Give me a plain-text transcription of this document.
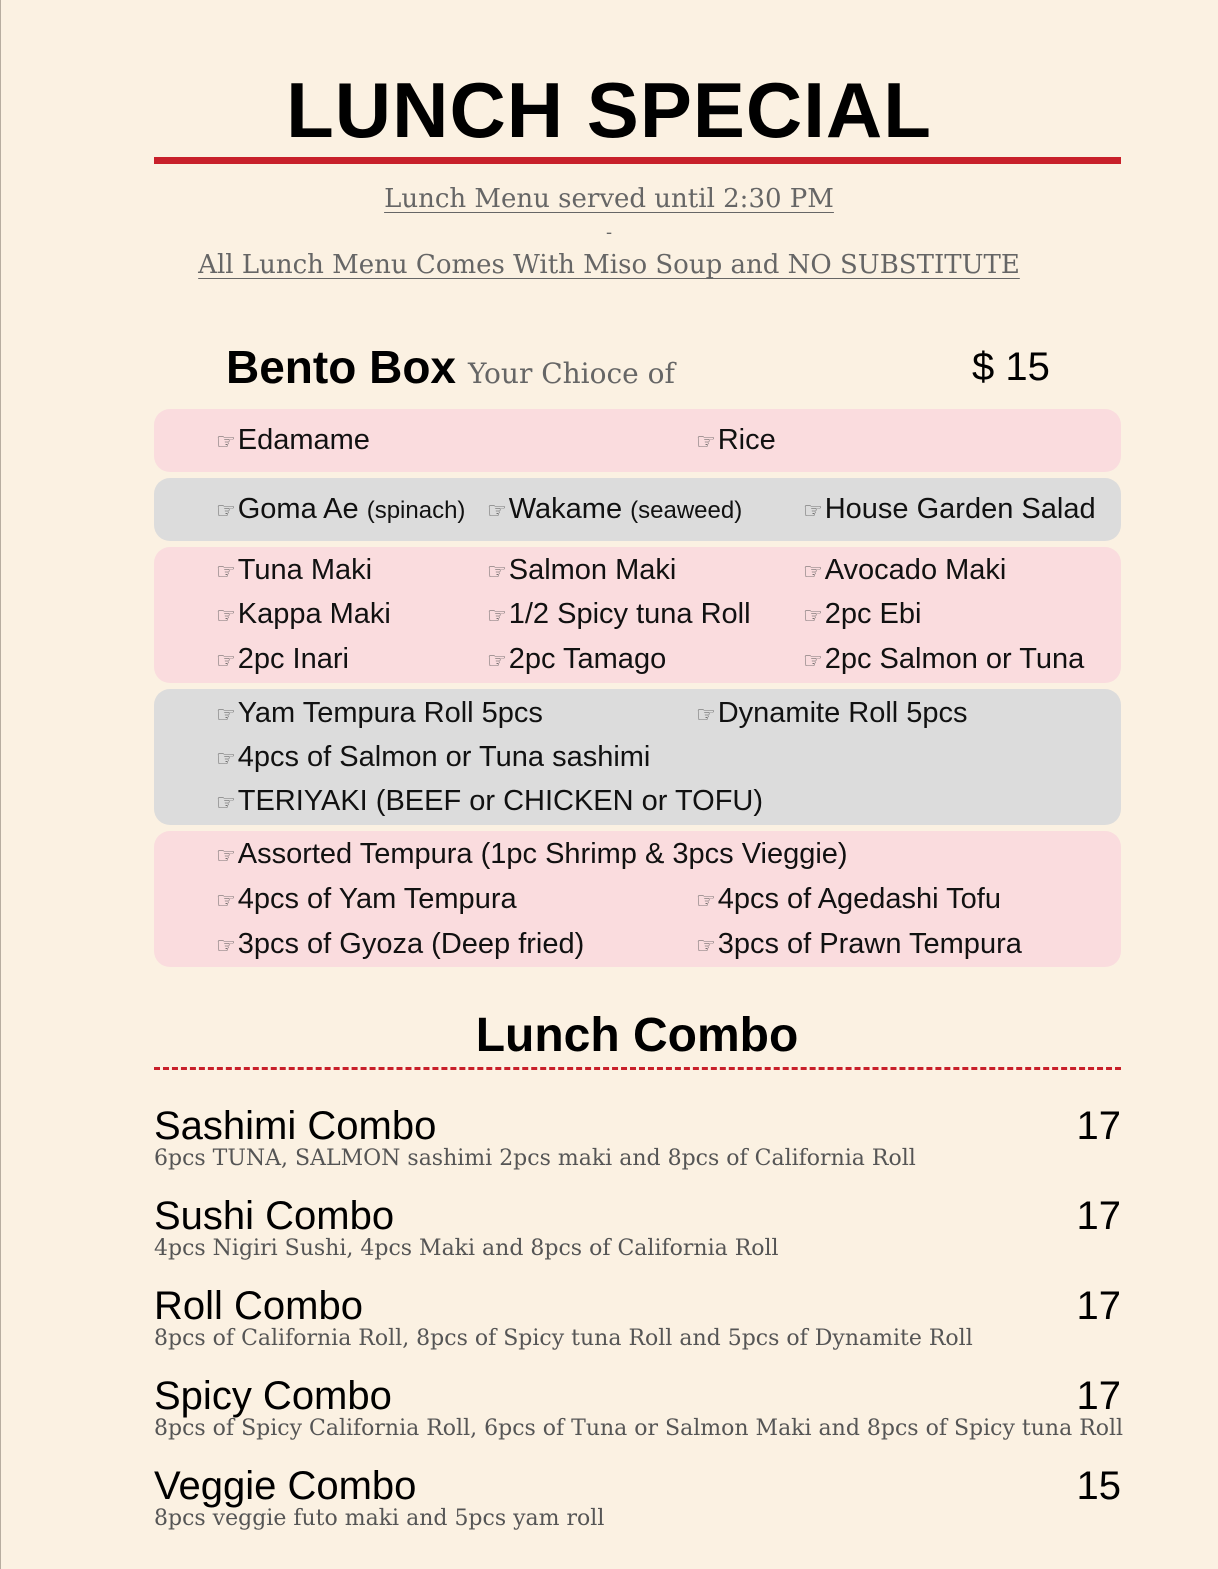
LUNCH SPECIAL
Lunch Menu served until 2:30 PM
-
All Lunch Menu Comes With Miso Soup and NO SUBSTITUTE
Bento Box Your Chioce of	$ 15
☞Edamame	☞Rice
☞Goma Ae (spinach) ☞Wakame (seaweed)	☞House Garden Salad
☞Tuna Maki	☞Salmon Maki	☞Avocado Maki
☞Kappa Maki	☞1/2 Spicy tuna Roll ☞2pc Ebi
☞2pc Inari	☞2pc Tamago	☞2pc Salmon or Tuna
☞Yam Tempura Roll 5pcs	☞Dynamite Roll 5pcs
☞4pcs of Salmon or Tuna sashimi
☞TERIYAKI (BEEF or CHICKEN or TOFU)
☞Assorted Tempura (1pc Shrimp & 3pcs Vieggie)
☞4pcs of Yam Tempura	☞4pcs of Agedashi Tofu
☞3pcs of Gyoza (Deep fried)	☞3pcs of Prawn Tempura
Lunch Combo
Sashimi Combo	17
6pcs TUNA, SALMON sashimi 2pcs maki and 8pcs of California Roll
Sushi Combo	17
4pcs Nigiri Sushi, 4pcs Maki and 8pcs of California Roll
Roll Combo	17
8pcs of California Roll, 8pcs of Spicy tuna Roll and 5pcs of Dynamite Roll
Spicy Combo	17
8pcs of Spicy California Roll, 6pcs of Tuna or Salmon Maki and 8pcs of Spicy tuna Roll
Veggie Combo	15
8pcs veggie futo maki and 5pcs yam roll
